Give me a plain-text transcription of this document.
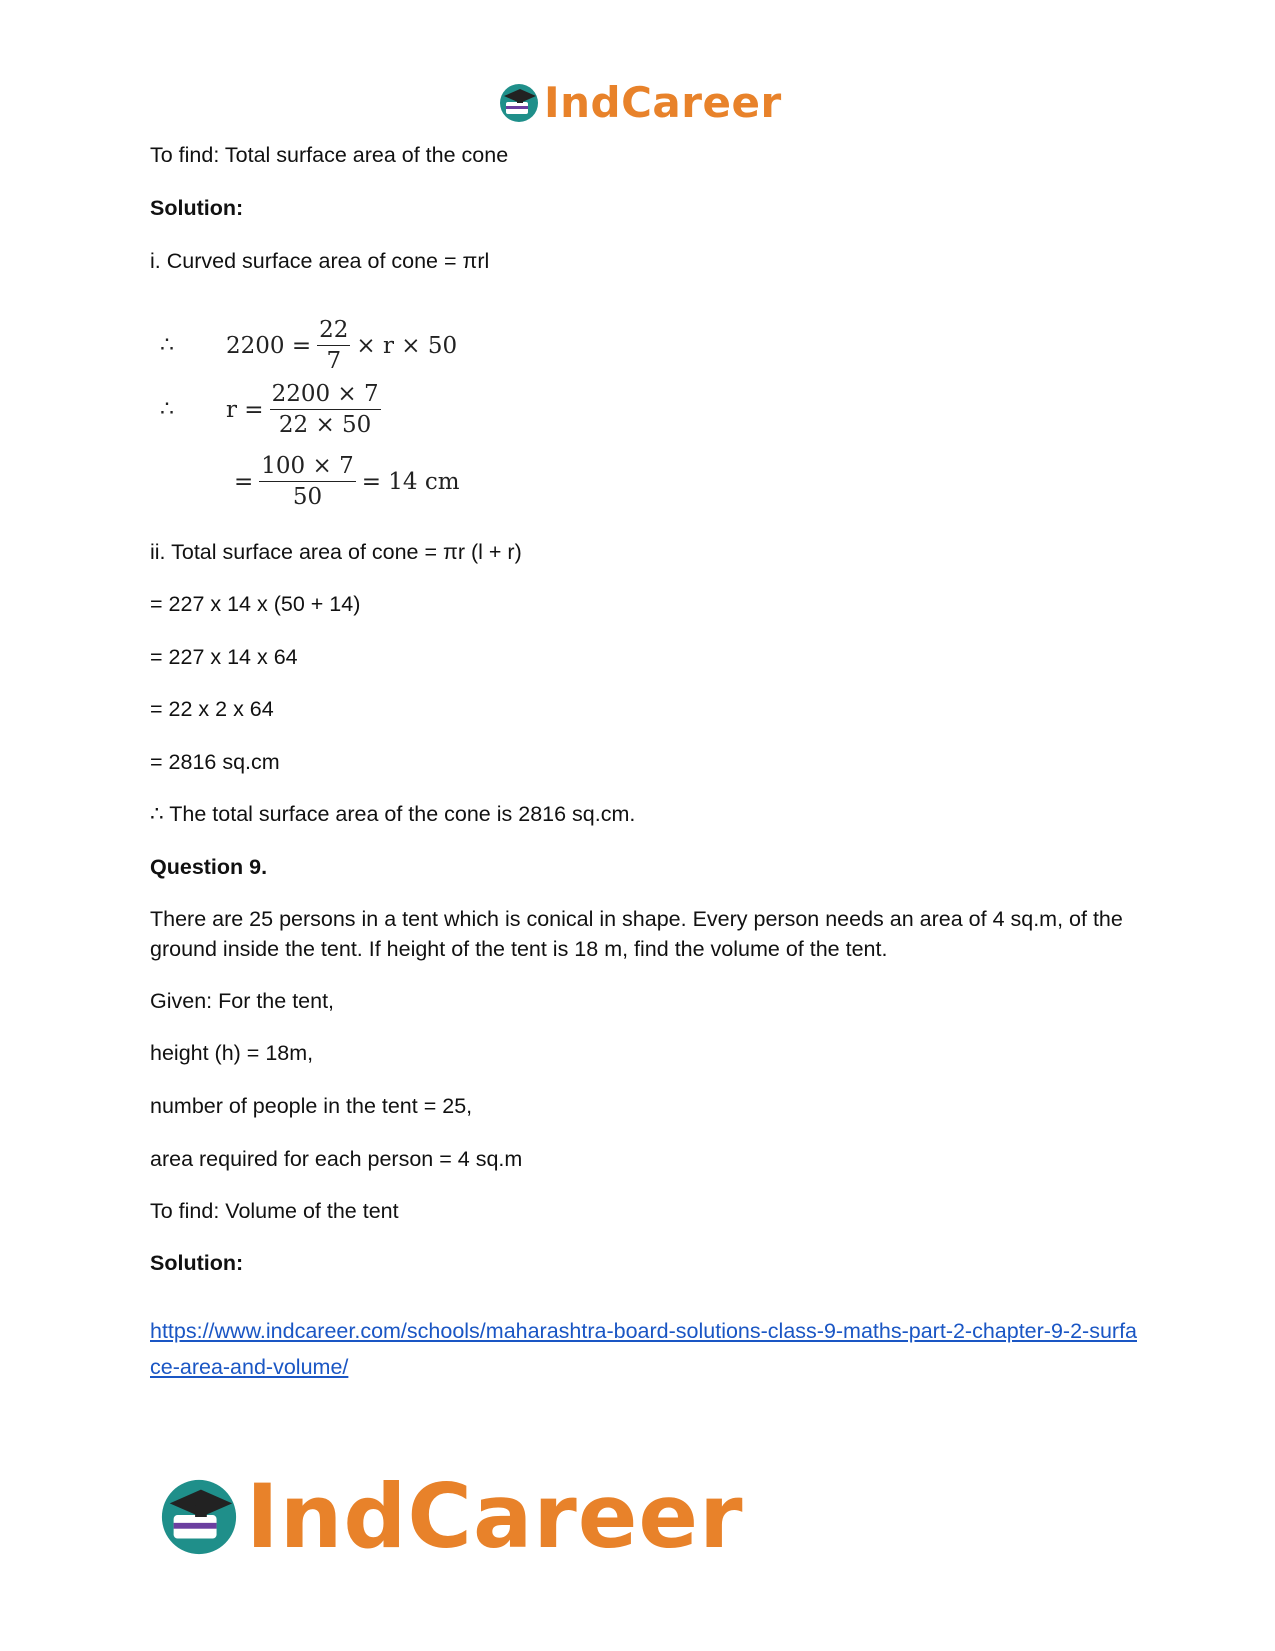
IndCareer
To find: Total surface area of the cone
Solution:
i. Curved surface area of cone = πrl
∴	$2200 = \frac{22}{7} \times r \times 50$
∴	$r = \frac{2200 \times 7}{22 \times 50}$
= $\frac{100 \times 7}{50} = 14$ cm
ii. Total surface area of cone = πr (l + r)
= 227 x 14 x (50 + 14)
= 227 x 14 x 64
= 22 x 2 x 64
= 2816 sq.cm
∴ The total surface area of the cone is 2816 sq.cm.
Question 9.
There are 25 persons in a tent which is conical in shape. Every person needs an area of 4 sq.m, of the ground inside the tent. If height of the tent is 18 m, find the volume of the tent.
Given: For the tent,
height (h) = 18m,
number of people in the tent = 25,
area required for each person = 4 sq.m
To find: Volume of the tent
Solution:
https://www.indcareer.com/schools/maharashtra-board-solutions-class-9-maths-part-2-chapter-9-2-surface-area-and-volume/
IndCareer
